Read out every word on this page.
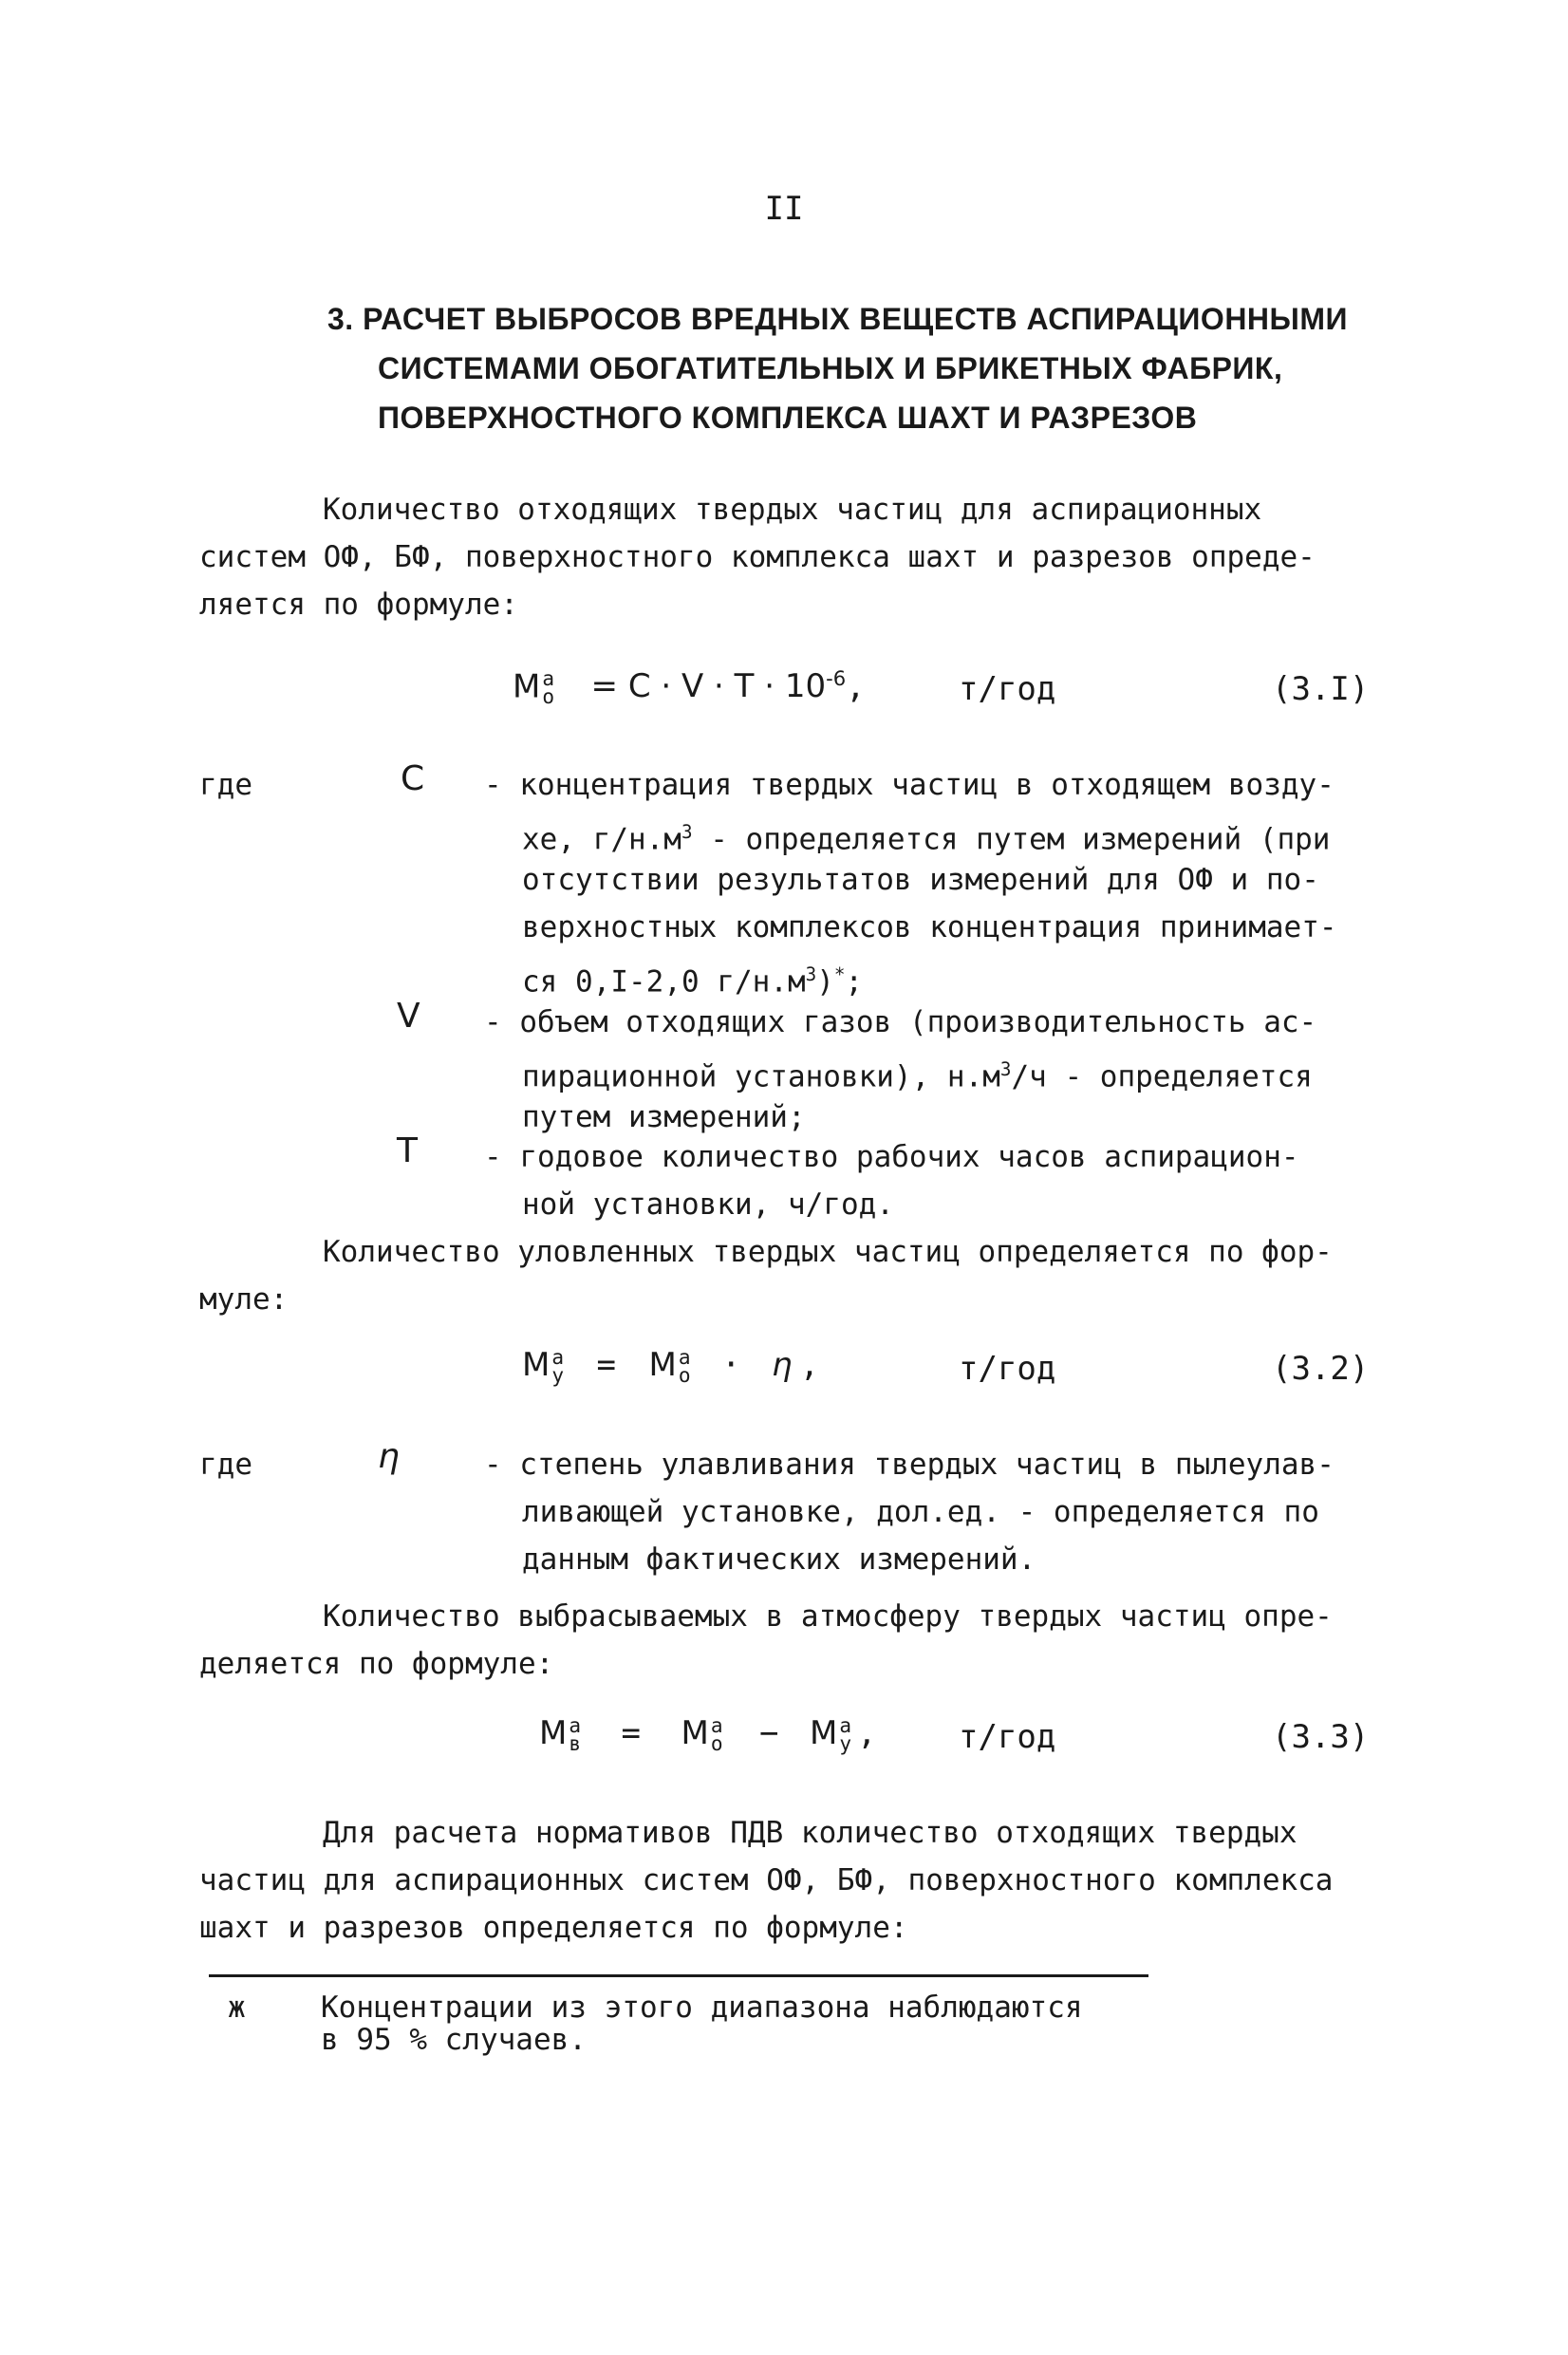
II
3. РАСЧЕТ ВЫБРОСОВ ВРЕДНЫХ ВЕЩЕСТВ АСПИРАЦИОННЫМИ
СИСТЕМАМИ ОБОГАТИТЕЛЬНЫХ И БРИКЕТНЫХ ФАБРИК,
ПОВЕРХНОСТНОГО КОМПЛЕКСА ШАХТ И РАЗРЕЗОВ
Количество отходящих твердых частиц для аспирационных
систем ОФ, БФ, поверхностного комплекса шахт и разрезов опреде-
ляется по формуле:
M а
$о = C \cdot V \cdot T \cdot 10^{-6}$,	т/год	(3.I)
где	C - концентрация твердых частиц в отходящем возду-
хе, $г/н.м^3$ - определяется путем измерений (при
отсутствии результатов измерений для ОФ и по-
верхностных комплексов концентрация принимает-
ся 0,I-2,0 $г/н.м^3)^*$;
V - объем отходящих газов (производительность ас-
пирационной установки), $н.м^3/ч$ - определяется
путем измерений;
T - годовое количество рабочих часов аспирацион-
ной установки, ч/год.
Количество уловленных твердых частиц определяется по фор-
муле:
M а
у = M а
о · η ,	т/год	(3.2)
где	η	- степень улавливания твердых частиц в пылеулав-
ливающей установке, дол.ед. - определяется по
данным фактических измерений.
Количество выбрасываемых в атмосферу твердых частиц опре-
деляется по формуле:
M а
в = M а
о − M а
у ,	т/год	(3.3)
Для расчета нормативов ПДВ количество отходящих твердых
частиц для аспирационных систем ОФ, БФ, поверхностного комплекса
шахт и разрезов определяется по формуле:
ж	Концентрации из этого диапазона наблюдаются
в 95 % случаев.
